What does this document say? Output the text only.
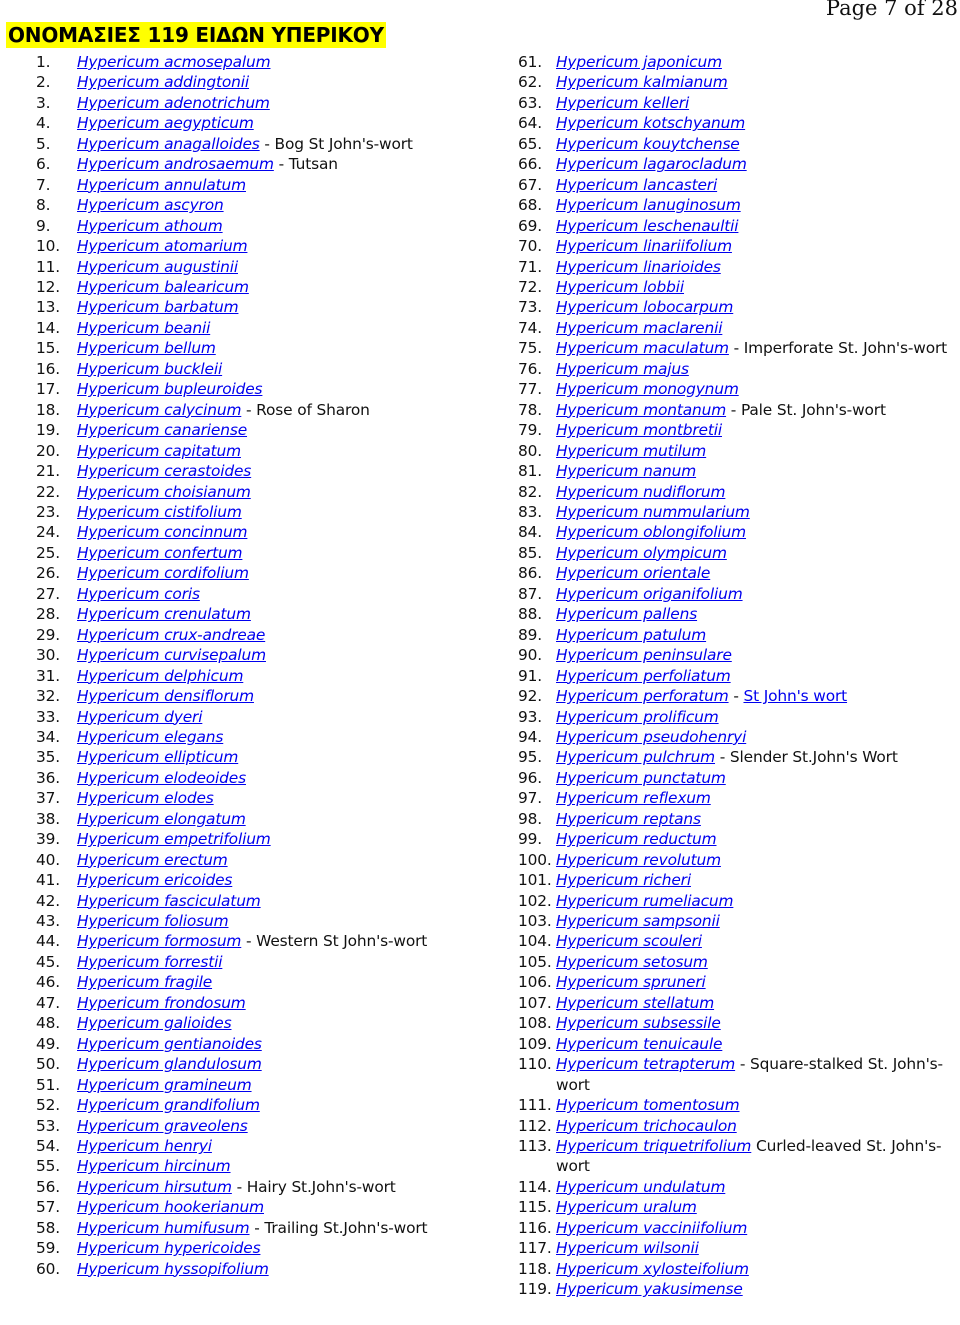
Page 7 of 28
ΟΝΟΜΑΣΙΕΣ 119 ΕΙΔΩΝ ΥΠΕΡΙΚΟΥ
1.	Hypericum acmosepalum
2.	Hypericum addingtonii
3.	Hypericum adenotrichum
4.	Hypericum aegypticum
5.	Hypericum anagalloides - Bog St John's-wort
6.	Hypericum androsaemum - Tutsan
7.	Hypericum annulatum
8.	Hypericum ascyron
9.	Hypericum athoum
10.	Hypericum atomarium
11.	Hypericum augustinii
12.	Hypericum balearicum
13.	Hypericum barbatum
14.	Hypericum beanii
15.	Hypericum bellum
16.	Hypericum buckleii
17.	Hypericum bupleuroides
18.	Hypericum calycinum - Rose of Sharon
19.	Hypericum canariense
20.	Hypericum capitatum
21.	Hypericum cerastoides
22.	Hypericum choisianum
23.	Hypericum cistifolium
24.	Hypericum concinnum
25.	Hypericum confertum
26.	Hypericum cordifolium
27.	Hypericum coris
28.	Hypericum crenulatum
29.	Hypericum crux-andreae
30.	Hypericum curvisepalum
31.	Hypericum delphicum
32.	Hypericum densiflorum
33.	Hypericum dyeri
34.	Hypericum elegans
35.	Hypericum ellipticum
36.	Hypericum elodeoides
37.	Hypericum elodes
38.	Hypericum elongatum
39.	Hypericum empetrifolium
40.	Hypericum erectum
41.	Hypericum ericoides
42.	Hypericum fasciculatum
43.	Hypericum foliosum
44.	Hypericum formosum - Western St John's-wort
45.	Hypericum forrestii
46.	Hypericum fragile
47.	Hypericum frondosum
48.	Hypericum galioides
49.	Hypericum gentianoides
50.	Hypericum glandulosum
51.	Hypericum gramineum
52.	Hypericum grandifolium
53.	Hypericum graveolens
54.	Hypericum henryi
55.	Hypericum hircinum
56.	Hypericum hirsutum - Hairy St.John's-wort
57.	Hypericum hookerianum
58.	Hypericum humifusum - Trailing St.John's-wort
59.	Hypericum hypericoides
60.	Hypericum hyssopifolium
61. Hypericum japonicum
62. Hypericum kalmianum
63. Hypericum kelleri
64. Hypericum kotschyanum
65. Hypericum kouytchense
66. Hypericum lagarocladum
67. Hypericum lancasteri
68. Hypericum lanuginosum
69. Hypericum leschenaultii
70. Hypericum linariifolium
71. Hypericum linarioides
72. Hypericum lobbii
73. Hypericum lobocarpum
74. Hypericum maclarenii
75. Hypericum maculatum - Imperforate St. John's-wort
76. Hypericum majus
77. Hypericum monogynum
78. Hypericum montanum - Pale St. John's-wort
79. Hypericum montbretii
80. Hypericum mutilum
81. Hypericum nanum
82. Hypericum nudiflorum
83. Hypericum nummularium
84. Hypericum oblongifolium
85. Hypericum olympicum
86. Hypericum orientale
87. Hypericum origanifolium
88. Hypericum pallens
89. Hypericum patulum
90. Hypericum peninsulare
91. Hypericum perfoliatum
92. Hypericum perforatum - St John's wort
93. Hypericum prolificum
94. Hypericum pseudohenryi
95. Hypericum pulchrum - Slender St.John's Wort
96. Hypericum punctatum
97. Hypericum reflexum
98. Hypericum reptans
99. Hypericum reductum
100. Hypericum revolutum
101. Hypericum richeri
102. Hypericum rumeliacum
103. Hypericum sampsonii
104. Hypericum scouleri
105. Hypericum setosum
106. Hypericum spruneri
107. Hypericum stellatum
108. Hypericum subsessile
109. Hypericum tenuicaule
110. Hypericum tetrapterum - Square-stalked St. John's-wort
111. Hypericum tomentosum
112. Hypericum trichocaulon
113. Hypericum triquetrifolium Curled-leaved St. John's-wort
114. Hypericum undulatum
115. Hypericum uralum
116. Hypericum vacciniifolium
117. Hypericum wilsonii
118. Hypericum xylosteifolium
119. Hypericum yakusimense
